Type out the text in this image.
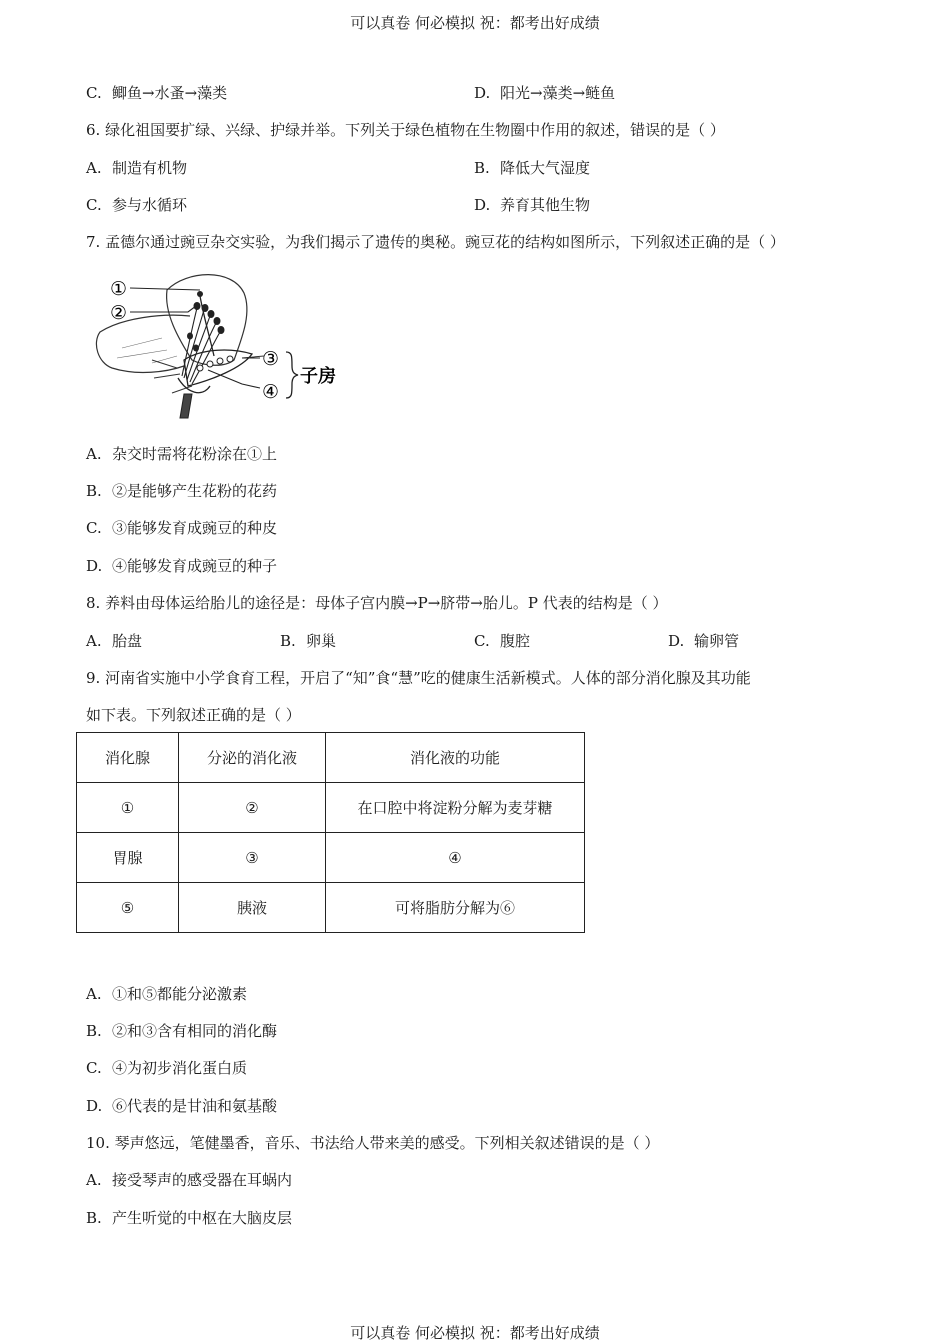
可以真卷 何必模拟 祝：都考出好成绩
C. 鲫鱼→水蚤→藻类	D. 阳光→藻类→鲢鱼
6. 绿化祖国要扩绿、兴绿、护绿并举。下列关于绿色植物在生物圈中作用的叙述，错误的是（ ）
A. 制造有机物	B. 降低大气湿度
C. 参与水循环	D. 养育其他生物
7. 孟德尔通过豌豆杂交实验，为我们揭示了遗传的奥秘。豌豆花的结构如图所示，下列叙述正确的是（ ）
①
②
③
④
子房
A. 杂交时需将花粉涂在①上
B. ②是能够产生花粉的花药
C. ③能够发育成豌豆的种皮
D. ④能够发育成豌豆的种子
8. 养料由母体运给胎儿的途径是：母体子宫内膜→P→脐带→胎儿。P 代表的结构是（ ）
A. 胎盘	B. 卵巢	C. 腹腔	D. 输卵管
9. 河南省实施中小学食育工程，开启了“知”食“慧”吃的健康生活新模式。人体的部分消化腺及其功能
如下表。下列叙述正确的是（ ）
消化腺	分泌的消化液	消化液的功能
①	②	在口腔中将淀粉分解为麦芽糖
胃腺	③	④
⑤	胰液	可将脂肪分解为⑥
A. ①和⑤都能分泌激素
B. ②和③含有相同的消化酶
C. ④为初步消化蛋白质
D. ⑥代表的是甘油和氨基酸
10. 琴声悠远，笔健墨香，音乐、书法给人带来美的感受。下列相关叙述错误的是（ ）
A. 接受琴声的感受器在耳蜗内
B. 产生听觉的中枢在大脑皮层
可以真卷 何必模拟 祝：都考出好成绩
